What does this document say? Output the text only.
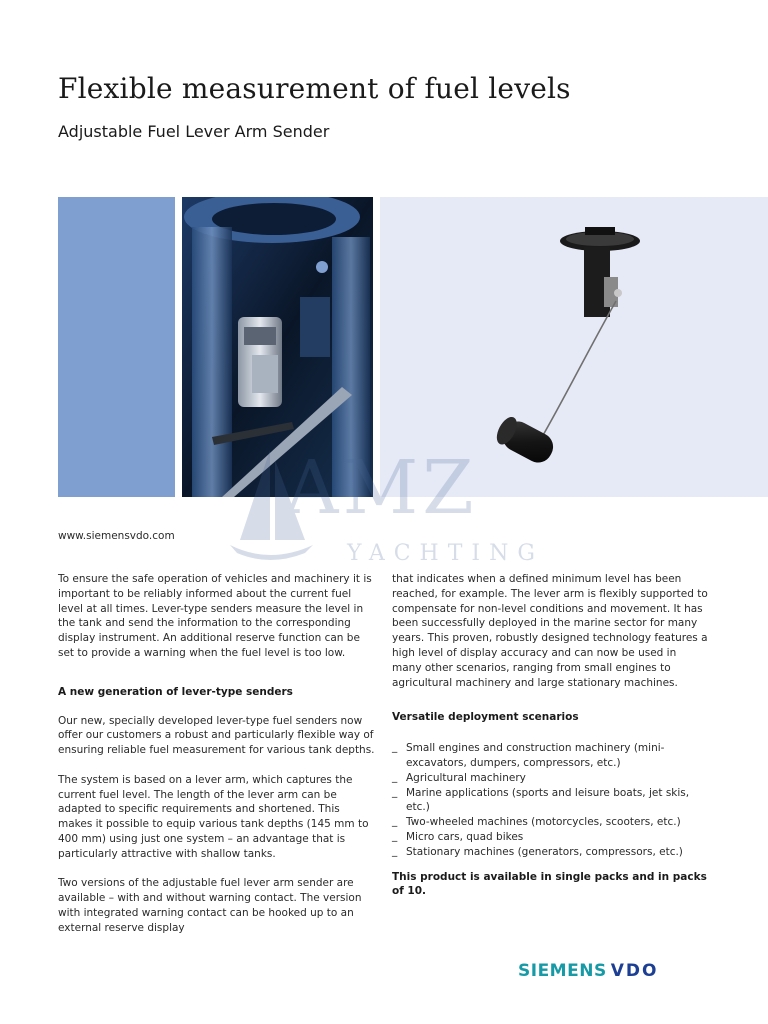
Flexible measurement of fuel levels
Adjustable Fuel Lever Arm Sender
AMZ
YACHTING
www.siemensvdo.com

To ensure the safe operation of vehicles and machinery it is important to be reliably informed about the current fuel level at all times. Lever-type senders measure the level in the tank and send the information to the corresponding display instrument. An additional reserve function can be set to provide a warning when the fuel level is too low.

A new generation of lever-type senders

Our new, specially developed lever-type fuel senders now offer our customers a robust and particularly flexible way of ensuring reliable fuel measurement for various tank depths.

The system is based on a lever arm, which captures the current fuel level. The length of the lever arm can be adapted to specific requirements and shortened. This makes it possible to equip various tank depths (145 mm to 400 mm) using just one system – an advantage that is particularly attractive with shallow tanks.

Two versions of the adjustable fuel lever arm sender are available – with and without warning contact. The version with integrated warning contact can be hooked up to an external reserve display

that indicates when a defined minimum level has been reached, for example. The lever arm is flexibly supported to compensate for non-level conditions and movement. It has been successfully deployed in the marine sector for many years. This proven, robustly designed technology features a high level of display accuracy and can now be used in many other scenarios, ranging from small engines to agricultural machinery and large stationary machines.

Versatile deployment scenarios
_ Small engines and construction machinery (mini-excavators, dumpers, compressors, etc.)
_ Agricultural machinery
_ Marine applications (sports and leisure boats, jet skis, etc.)
_ Two-wheeled machines (motorcycles, scooters, etc.)
_ Micro cars, quad bikes
_ Stationary machines (generators, compressors, etc.)

This product is available in single packs and in packs of 10.

SIEMENS VDO
